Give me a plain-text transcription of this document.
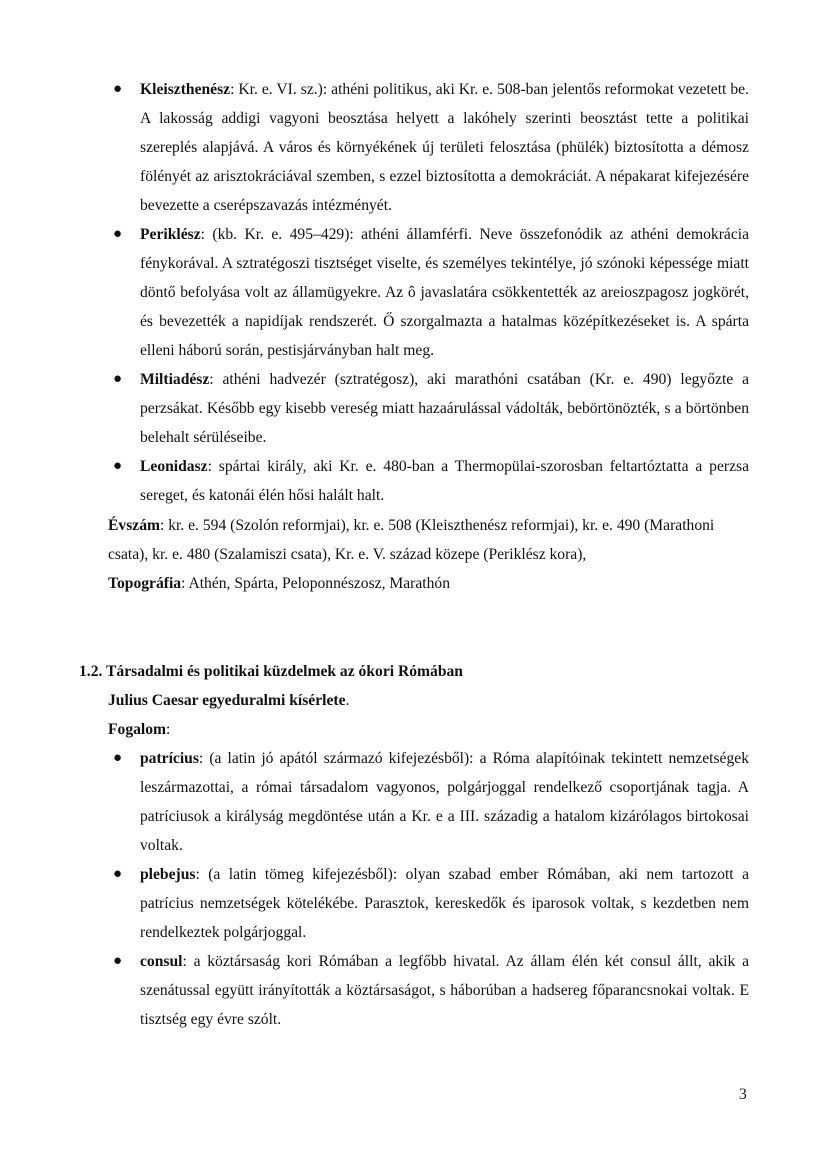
● Kleiszthenész: Kr. e. VI. sz.): athéni politikus, aki Kr. e. 508-ban jelentős reformokat vezetett be. A lakosság addigi vagyoni beosztása helyett a lakóhely szerinti beosztást tette a politikai szereplés alapjává. A város és környékének új területi felosztása (phülék) biztosította a démosz fölényét az arisztokráciával szemben, s ezzel biztosította a demokráciát. A népakarat kifejezésére bevezette a cserépszavazás intézményét.
● Periklész: (kb. Kr. e. 495–429): athéni államférfi. Neve összefonódik az athéni demokrácia fénykorával. A sztratégoszi tisztséget viselte, és személyes tekintélye, jó szónoki képessége miatt döntő befolyása volt az államügyekre. Az ô javaslatára csökkentették az areioszpagosz jogkörét, és bevezették a napidíjak rendszerét. Ő szorgalmazta a hatalmas középítkezéseket is. A spárta elleni háború során, pestisjárványban halt meg.
● Miltiadész: athéni hadvezér (sztratégosz), aki marathóni csatában (Kr. e. 490) legyőzte a perzsákat. Később egy kisebb vereség miatt hazaárulással vádolták, bebörtönözték, s a börtönben belehalt sérüléseibe.
● Leonidasz: spártai király, aki Kr. e. 480-ban a Thermopülai-szorosban feltartóztatta a perzsa sereget, és katonái élén hősi halált halt.
Évszám: kr. e. 594 (Szolón reformjai), kr. e. 508 (Kleiszthenész reformjai), kr. e. 490 (Marathoni csata), kr. e. 480 (Szalamiszi csata), Kr. e. V. század közepe (Periklész kora),
Topográfia: Athén, Spárta, Peloponnészosz, Marathón
1.2. Társadalmi és politikai küzdelmek az ókori Rómában
Julius Caesar egyeduralmi kísérlete.
Fogalom:
● patrícius: (a latin jó apától származó kifejezésből): a Róma alapítóinak tekintett nemzetségek leszármazottai, a római társadalom vagyonos, polgárjoggal rendelkező csoportjának tagja. A patríciusok a királyság megdöntése után a Kr. e a III. századig a hatalom kizárólagos birtokosai voltak.
● plebejus: (a latin tömeg kifejezésből): olyan szabad ember Rómában, aki nem tartozott a patrícius nemzetségek kötelékébe. Parasztok, kereskedők és iparosok voltak, s kezdetben nem rendelkeztek polgárjoggal.
● consul: a köztársaság kori Rómában a legfőbb hivatal. Az állam élén két consul állt, akik a szenátussal együtt irányították a köztársaságot, s háborúban a hadsereg főparancsnokai voltak. E tisztség egy évre szólt.
3
